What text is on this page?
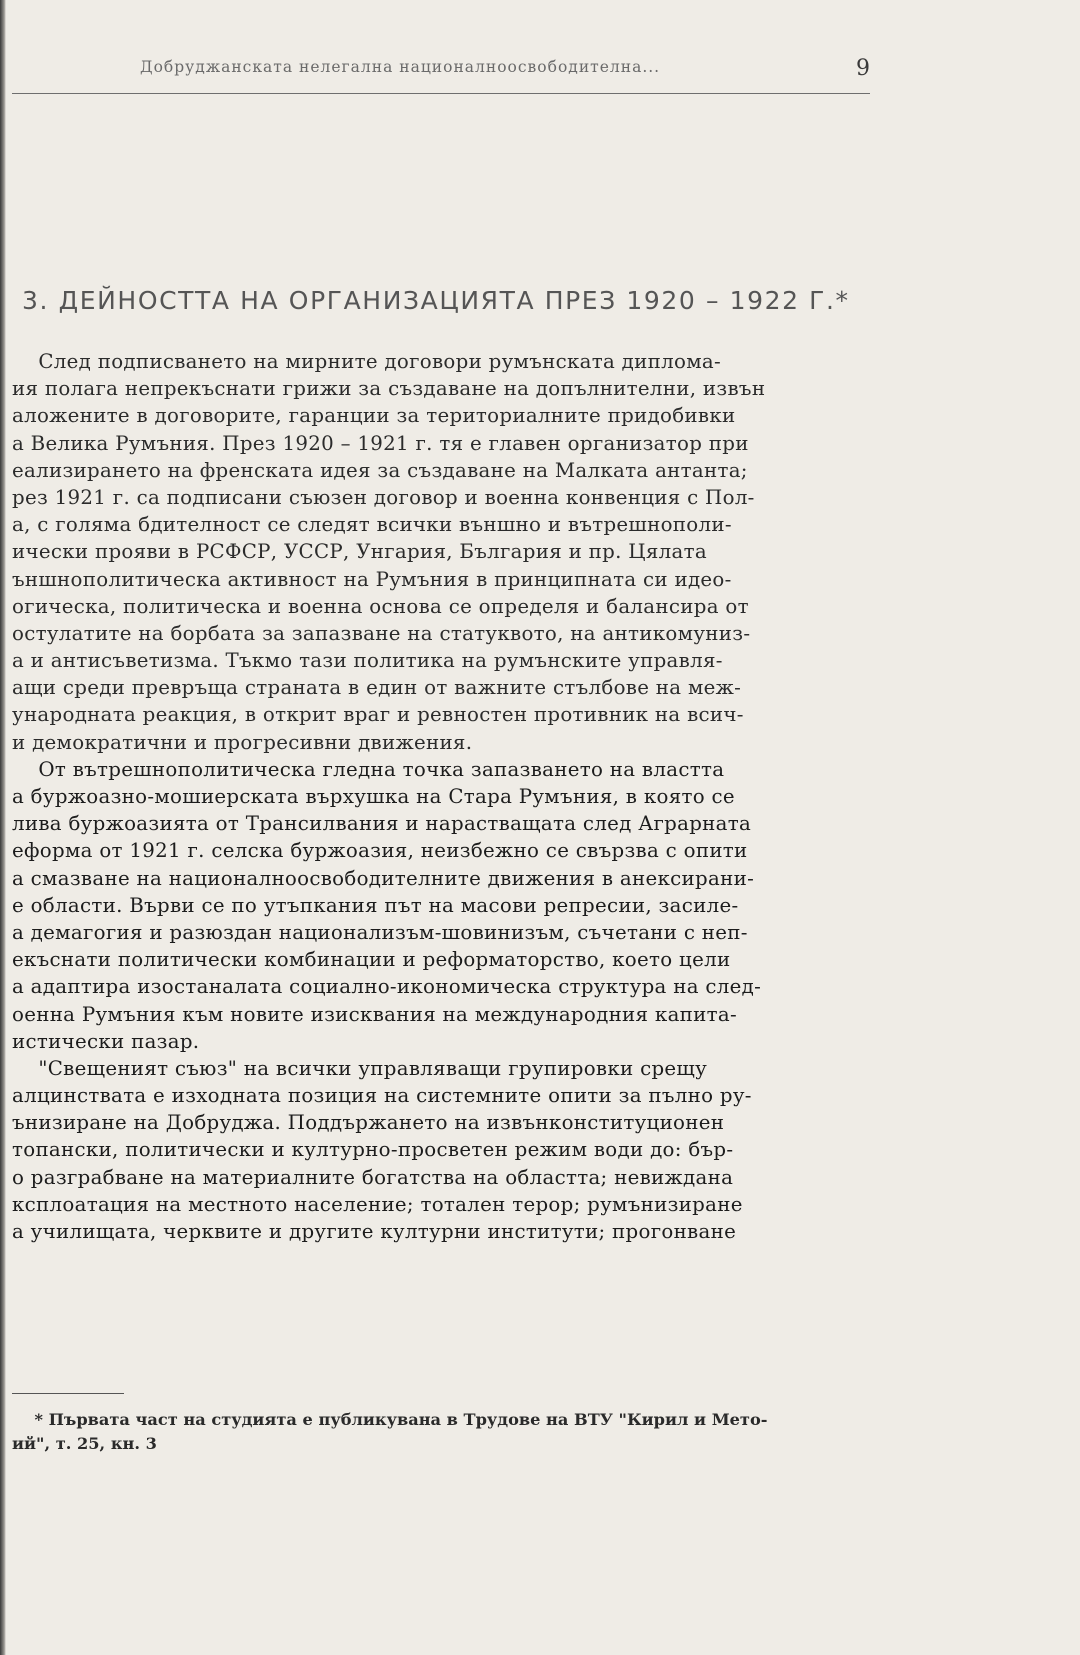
Добруджанската нелегална националноосвободителна...	9
3. ДЕЙНОСТТА НА ОРГАНИЗАЦИЯТА ПРЕЗ 1920 – 1922 Г.*
След подписването на мирните договори румънската диплома-
ия полага непрекъснати грижи за създаване на допълнителни, извън
аложените в договорите, гаранции за териториалните придобивки
а Велика Румъния. През 1920 – 1921 г. тя е главен организатор при
еализирането на френската идея за създаване на Малката антанта;
рез 1921 г. са подписани съюзен договор и военна конвенция с Пол-
а, с голяма бдителност се следят всички външно и вътрешнополи-
ически прояви в РСФСР, УССР, Унгария, България и пр. Цялата
ъншнополитическа активност на Румъния в принципната си идео-
огическа, политическа и военна основа се определя и балансира от
остулатите на борбата за запазване на статуквото, на антикомуниз-
а и антисъветизма. Тъкмо тази политика на румънските управля-
ащи среди превръща страната в един от важните стълбове на меж-
ународната реакция, в открит враг и ревностен противник на всич-
и демократични и прогресивни движения.
От вътрешнополитическа гледна точка запазването на властта
а буржоазно-мошиерската върхушка на Стара Румъния, в която се
лива буржоазията от Трансилвания и нарастващата след Аграрната
еформа от 1921 г. селска буржоазия, неизбежно се свързва с опити
а смазване на националноосвободителните движения в анексирани-
е области. Върви се по утъпкания път на масови репресии, засиле-
а демагогия и разюздан национализъм-шовинизъм, съчетани с неп-
екъснати политически комбинации и реформаторство, което цели
а адаптира изостаналата социално-икономическа структура на след-
оенна Румъния към новите изисквания на международния капита-
истически пазар.
"Свещеният съюз" на всички управляващи групировки срещу
алцинствата е изходната позиция на системните опити за пълно ру-
ънизиране на Добруджа. Поддържането на извънконституционен
топански, политически и културно-просветен режим води до: бър-
о разграбване на материалните богатства на областта; невиждана
ксплоатация на местното население; тотален терор; румънизиране
а училищата, черквите и другите културни институти; прогонване
* Първата част на студията е публикувана в Трудове на ВТУ "Кирил и Мето-
ий", т. 25, кн. 3
